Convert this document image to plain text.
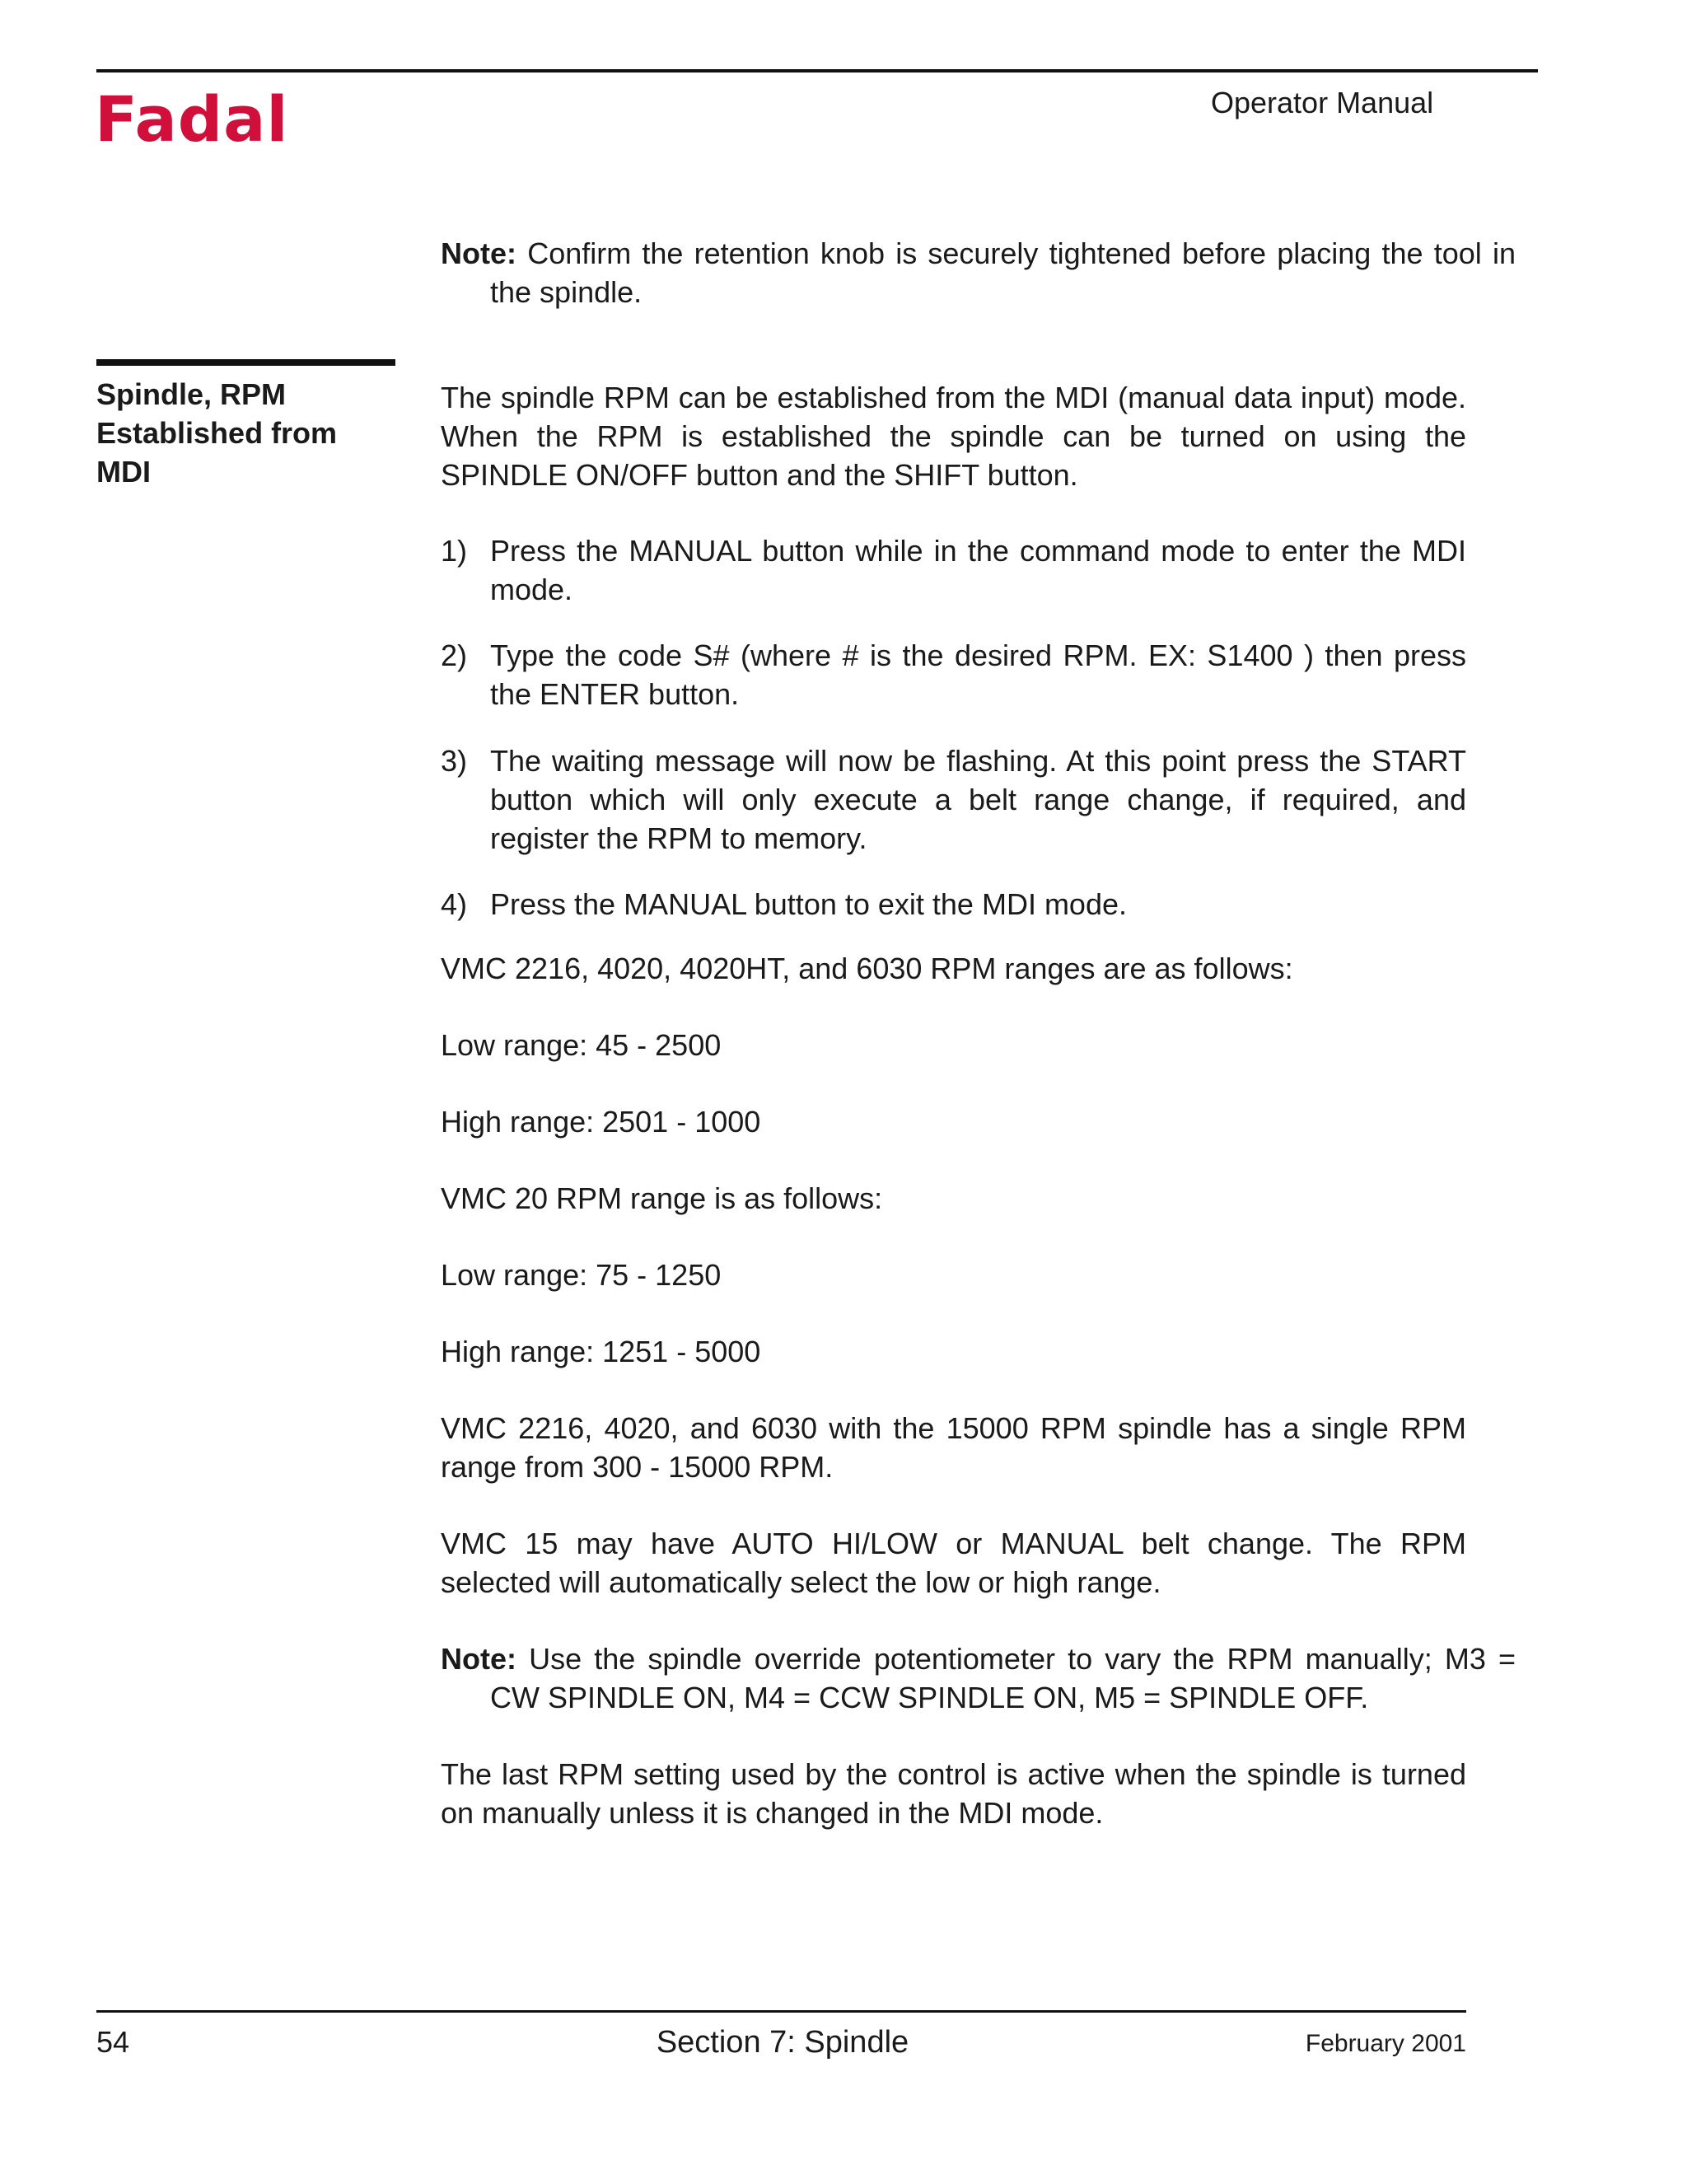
Fadal	Operator Manual
Note: Confirm the retention knob is securely tightened before placing the tool in the spindle.
Spindle, RPM Established from MDI
The spindle RPM can be established from the MDI (manual data input) mode. When the RPM is established the spindle can be turned on using the SPINDLE ON/OFF button and the SHIFT button.
1) Press the MANUAL button while in the command mode to enter the MDI mode.
2) Type the code S# (where # is the desired RPM. EX: S1400 ) then press the ENTER button.
3) The waiting message will now be flashing. At this point press the START button which will only execute a belt range change, if required, and register the RPM to memory.
4) Press the MANUAL button to exit the MDI mode.
VMC 2216, 4020, 4020HT, and 6030 RPM ranges are as follows:
Low range: 45 - 2500
High range: 2501 - 1000
VMC 20 RPM range is as follows:
Low range: 75 - 1250
High range: 1251 - 5000
VMC 2216, 4020, and 6030 with the 15000 RPM spindle has a single RPM range from 300 - 15000 RPM.
VMC 15 may have AUTO HI/LOW or MANUAL belt change. The RPM selected will automatically select the low or high range.
Note: Use the spindle override potentiometer to vary the RPM manually; M3 = CW SPINDLE ON, M4 = CCW SPINDLE ON, M5 = SPINDLE OFF.
The last RPM setting used by the control is active when the spindle is turned on manually unless it is changed in the MDI mode.
54	Section 7: Spindle	February 2001
